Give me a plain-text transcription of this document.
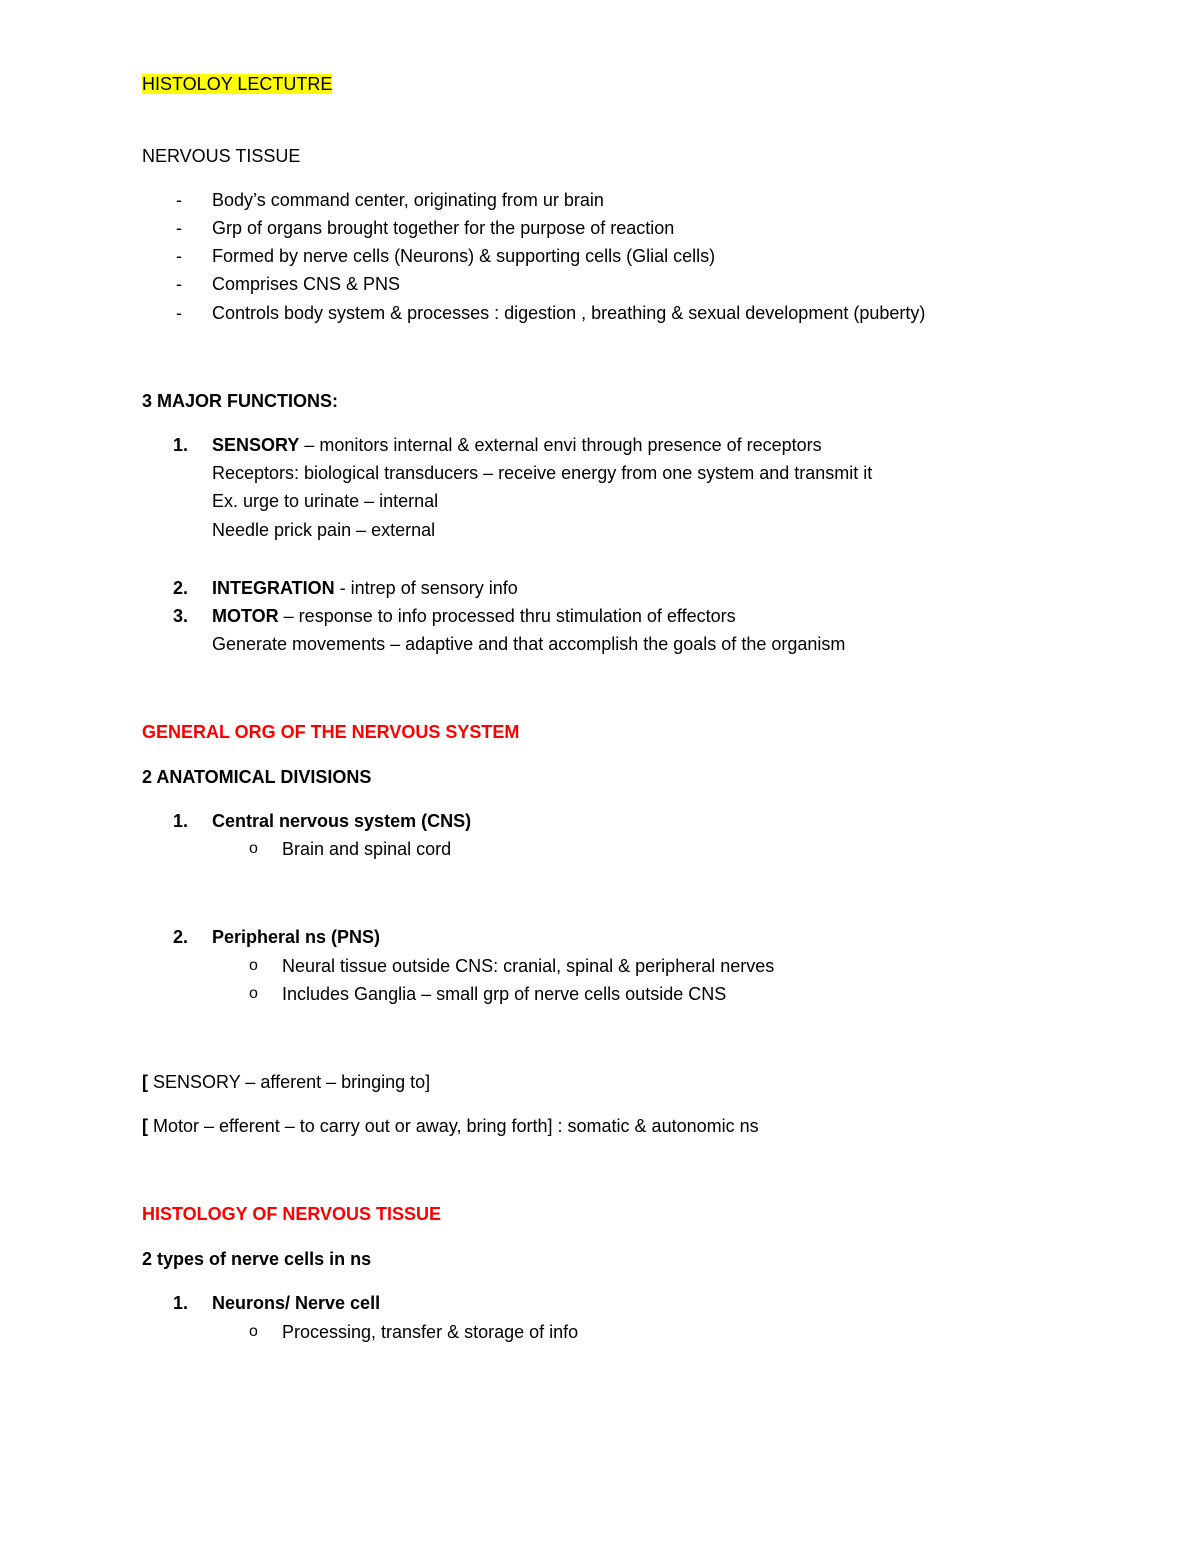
HISTOLOY LECTUTRE
NERVOUS TISSUE
- Body’s command center, originating from ur brain
- Grp of organs brought together for the purpose of reaction
- Formed by nerve cells (Neurons) & supporting cells (Glial cells)
- Comprises CNS & PNS
- Controls body system & processes : digestion , breathing & sexual development (puberty)
3 MAJOR FUNCTIONS:
1. SENSORY – monitors internal & external envi through presence of receptors
Receptors: biological transducers – receive energy from one system and transmit it
Ex. urge to urinate – internal
Needle prick pain – external
2. INTEGRATION - intrep of sensory info
3. MOTOR – response to info processed thru stimulation of effectors
Generate movements – adaptive and that accomplish the goals of the organism
GENERAL ORG OF THE NERVOUS SYSTEM
2 ANATOMICAL DIVISIONS
1. Central nervous system (CNS)
o Brain and spinal cord
2. Peripheral ns (PNS)
o Neural tissue outside CNS: cranial, spinal & peripheral nerves
o Includes Ganglia – small grp of nerve cells outside CNS
[ SENSORY – afferent – bringing to]
[ Motor – efferent – to carry out or away, bring forth] : somatic & autonomic ns
HISTOLOGY OF NERVOUS TISSUE
2 types of nerve cells in ns
1. Neurons/ Nerve cell
o Processing, transfer & storage of info
